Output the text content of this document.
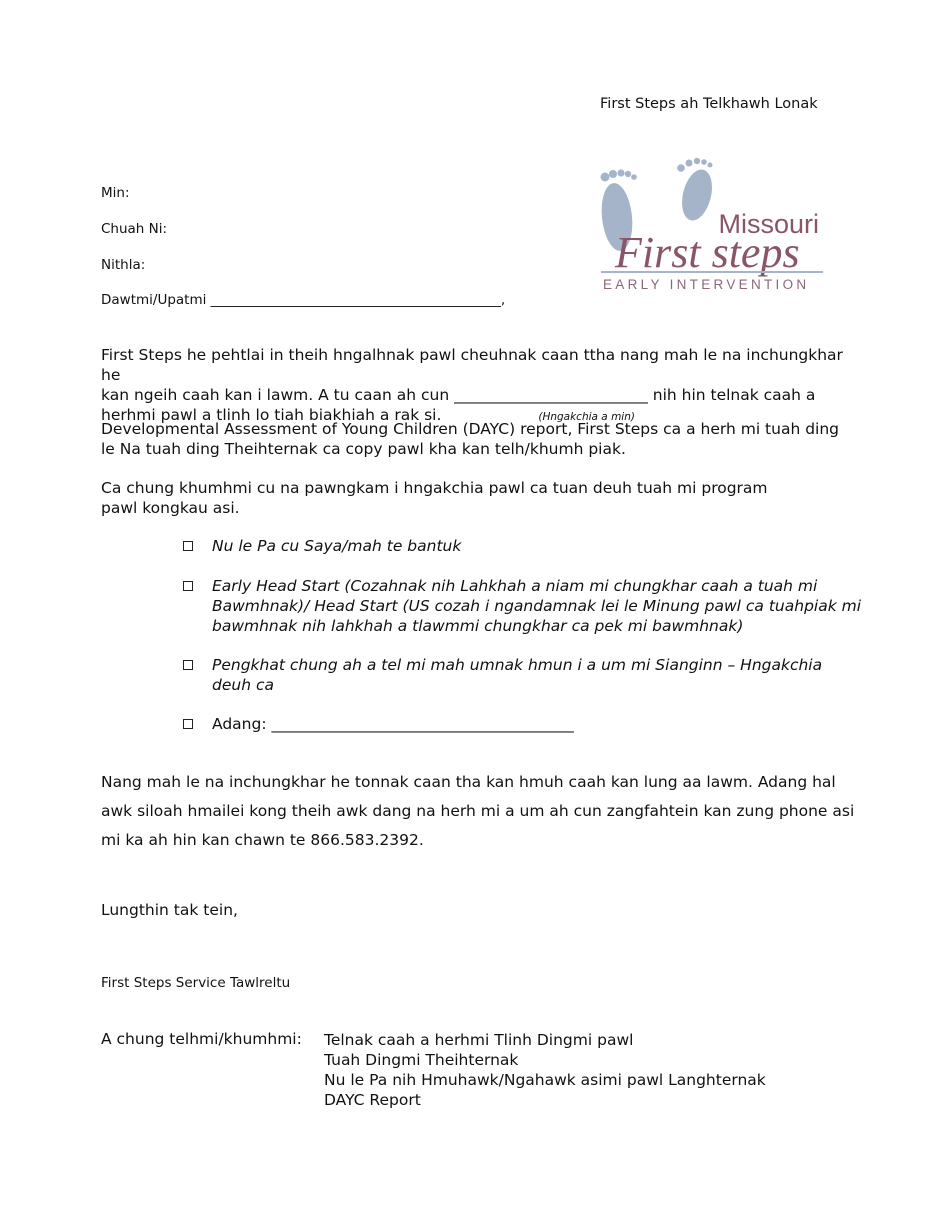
First Steps ah Telkhawh Lonak
Missouri
First steps
EARLY INTERVENTION
Min:
Chuah Ni:
Nithla:
Dawtmi/Upatmi ___________________________________________,
First Steps he pehtlai in theih hngalhnak pawl cheuhnak caan ttha nang mah le na inchungkhar he
kan ngeih caah kan i lawm. A tu caan ah cun _________________________ nih hin telnak caah a
herhmi pawl a tlinh lo tiah biakhiah a rak si.	(Hngakchia a min)

Developmental Assessment of Young Children (DAYC) report, First Steps ca a herh mi tuah ding le Na tuah ding Theihternak ca copy pawl kha kan telh/khumh piak.

Ca chung khumhmi cu na pawngkam i hngakchia pawl ca tuan deuh tuah mi program pawl kongkau asi.

Nu le Pa cu Saya/mah te bantuk
Early Head Start (Cozahnak nih Lahkhah a niam mi chungkhar caah a tuah mi Bawmhnak)/ Head Start (US cozah i ngandamnak lei le Minung pawl ca tuahpiak mi bawmhnak nih lahkhah a tlawmmi chungkhar ca pek mi bawmhnak)
Pengkhat chung ah a tel mi mah umnak hmun i a um mi Sianginn – Hngakchia deuh ca
Adang: _______________________________________
Nang mah le na inchungkhar he tonnak caan tha kan hmuh caah kan lung aa lawm. Adang hal
awk siloah hmailei kong theih awk dang na herh mi a um ah cun zangfahtein kan zung phone asi
mi ka ah hin kan chawn te 866.583.2392.
Lungthin tak tein,
First Steps Service Tawlreltu
A chung telhmi/khumhmi: Telnak caah a herhmi Tlinh Dingmi pawl
Tuah Dingmi Theihternak
Nu le Pa nih Hmuhawk/Ngahawk asimi pawl Langhternak
DAYC Report
